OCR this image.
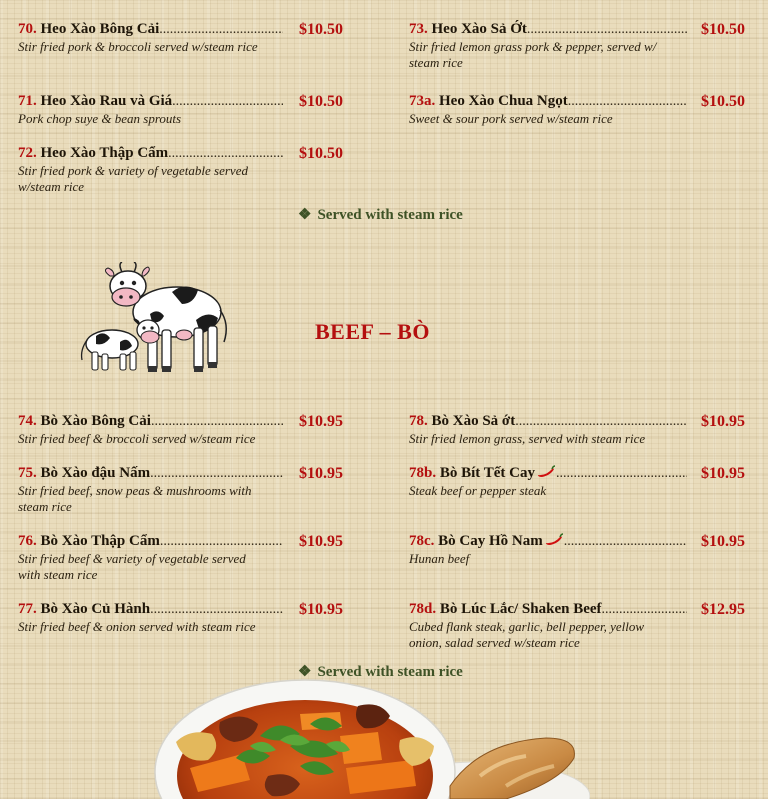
70. Heo Xào Bông Cải .....	$10.50
Stir fried pork & broccoli served w/steam rice
71. Heo Xào Rau và Giá .....	$10.50
Pork chop suye & bean sprouts
72. Heo Xào Thập Cẩm .....	$10.50
Stir fried pork & variety of vegetable served
w/steam rice
73. Heo Xào Sả Ớt .....	$10.50
Stir fried lemon grass pork & pepper, served w/
steam rice
73a. Heo Xào Chua Ngọt .....	$10.50
Sweet & sour pork served w/steam rice
❖ Served with steam rice
BEEF – BÒ
74. Bò Xào Bông Cải .....	$10.95
Stir fried beef & broccoli served w/steam rice
75. Bò Xào đậu Nấm .....	$10.95
Stir fried beef, snow peas & mushrooms with
steam rice
76. Bò Xào Thập Cẩm .....	$10.95
Stir fried beef & variety of vegetable served
with steam rice
77. Bò Xào Củ Hành .....	$10.95
Stir fried beef & onion served with steam rice
78. Bò Xào Sả ớt .....	$10.95
Stir fried lemon grass, served with steam rice
78b. Bò Bít Tết Cay .....	$10.95
Steak beef or pepper steak
78c. Bò Cay Hồ Nam .....	$10.95
Hunan beef
78d. Bò Lúc Lắc/ Shaken Beef .....	$12.95
Cubed flank steak, garlic, bell pepper, yellow
onion, salad served w/steam rice
❖ Served with steam rice
